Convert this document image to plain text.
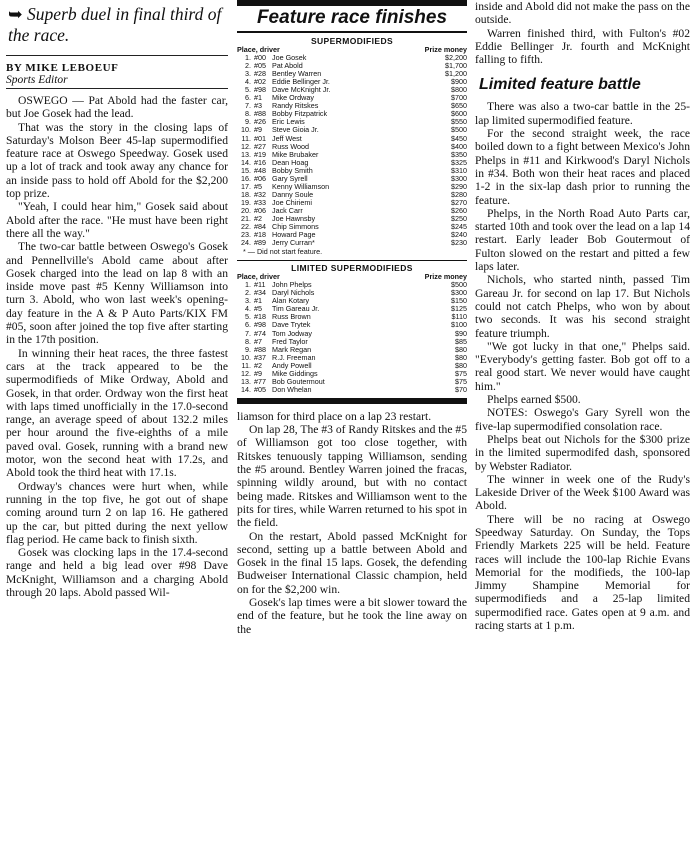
➥ Superb duel in final third of the race.
BY MIKE LEBOEUF
Sports Editor

OSWEGO — Pat Abold had the faster car, but Joe Gosek had the lead.

That was the story in the closing laps of Saturday's Molson Beer 45-lap supermodified feature race at Oswego Speedway. Gosek used up a lot of track and took away any chance for an inside pass to hold off Abold for the $2,200 top prize.

"Yeah, I could hear him," Gosek said about Abold after the race. "He must have been right there all the way."

The two-car battle between Oswego's Gosek and Pennellville's Abold came about after Gosek charged into the lead on lap 8 with an inside move past #5 Kenny Williamson into turn 3. Abold, who won last week's opening-day feature in the A & P Auto Parts/KIX FM #05, soon after joined the top five after starting in the 17th position.

In winning their heat races, the three fastest cars at the track appeared to be the supermodifieds of Mike Ordway, Abold and Gosek, in that order. Ordway won the first heat with laps timed unofficially in the 17.0-second range, an average speed of about 132.2 miles per hour around the five-eighths of a mile paved oval. Gosek, running with a brand new motor, won the second heat with 17.2s, and Abold took the third heat with 17.1s.

Ordway's chances were hurt when, while running in the top five, he got out of shape coming around turn 2 on lap 16. He gathered up the car, but pitted during the next yellow flag period. He came back to finish sixth.

Gosek was clocking laps in the 17.4-second range and held a big lead over #98 Dave McKnight, Williamson and a charging Abold through 20 laps. Abold passed Wil-

Feature race finishes
SUPERMODIFIEDS
Place, driver			Prize money
1.	#00	Joe Gosek	$2,200
2.	#05	Pat Abold	$1,700
3.	#28	Bentley Warren	$1,200
4.	#02	Eddie Bellinger Jr.	$900
5.	#98	Dave McKnight Jr.	$800
6.	#1	Mike Ordway	$700
7.	#3	Randy Ritskes	$650
8.	#88	Bobby Fitzpatrick	$600
9.	#26	Eric Lewis	$550
10.	#9	Steve Gioia Jr.	$500
11.	#01	Jeff West	$450
12.	#27	Russ Wood	$400
13.	#19	Mike Brubaker	$350
14.	#16	Dean Hoag	$325
15.	#48	Bobby Smith	$310
16.	#06	Gary Syrell	$300
17.	#5	Kenny Williamson	$290
18.	#32	Danny Soule	$280
19.	#33	Joe Chiriemi	$270
20.	#06	Jack Carr	$260
21.	#2	Joe Hawnsby	$250
22.	#84	Chip Simmons	$245
23.	#18	Howard Page	$240
24.	#89	Jerry Curran*	$230
* — Did not start feature.
LIMITED SUPERMODIFIEDS
Place, driver			Prize money
1.	#11	John Phelps	$500
2.	#34	Daryl Nichols	$300
3.	#1	Alan Kotary	$150
4.	#5	Tim Gareau Jr.	$125
5.	#18	Russ Brown	$110
6.	#98	Dave Trytek	$100
7.	#74	Tom Jodway	$90
8.	#7	Fred Taylor	$85
9.	#88	Mark Regan	$80
10.	#37	R.J. Freeman	$80
11.	#2	Andy Powell	$80
12.	#9	Mike Giddings	$75
13.	#77	Bob Goutermout	$75
14.	#05	Don Whelan	$70

liamson for third place on a lap 23 restart.

On lap 28, The #3 of Randy Ritskes and the #5 of Williamson got too close together, with Ritskes tenuously tapping Williamson, sending the #5 around. Bentley Warren joined the fracas, spinning wildly around, but with no contact being made. Ritskes and Williamson went to the pits for tires, while Warren returned to his spot in the field.

On the restart, Abold passed McKnight for second, setting up a battle between Abold and Gosek in the final 15 laps. Gosek, the defending Budweiser International Classic champion, held on for the $2,200 win.

Gosek's lap times were a bit slower toward the end of the feature, but he took the line away on the

inside and Abold did not make the pass on the outside.

Warren finished third, with Fulton's #02 Eddie Bellinger Jr. fourth and McKnight falling to fifth.

Limited feature battle

There was also a two-car battle in the 25-lap limited supermodified feature.

For the second straight week, the race boiled down to a fight between Mexico's John Phelps in #11 and Kirkwood's Daryl Nichols in #34. Both won their heat races and placed 1-2 in the six-lap dash prior to running the feature.

Phelps, in the North Road Auto Parts car, started 10th and took over the lead on a lap 14 restart. Early leader Bob Goutermout of Fulton slowed on the restart and pitted a few laps later.

Nichols, who started ninth, passed Tim Gareau Jr. for second on lap 17. But Nichols could not catch Phelps, who won by about two seconds. It was his second straight feature triumph.

"We got lucky in that one," Phelps said. "Everybody's getting faster. Bob got off to a real good start. We never would have caught him."

Phelps earned $500.

NOTES: Oswego's Gary Syrell won the five-lap supermodified consolation race.

Phelps beat out Nichols for the $300 prize in the limited supermodifed dash, sponsored by Webster Radiator.

The winner in week one of the Rudy's Lakeside Driver of the Week $100 Award was Abold.

There will be no racing at Oswego Speedway Saturday. On Sunday, the Tops Friendly Markets 225 will be held. Feature races will include the 100-lap Richie Evans Memorial for the modifieds, the 100-lap Jimmy Shampine Memorial for supermodifieds and a 25-lap limited supermodified race. Gates open at 9 a.m. and racing starts at 1 p.m.
